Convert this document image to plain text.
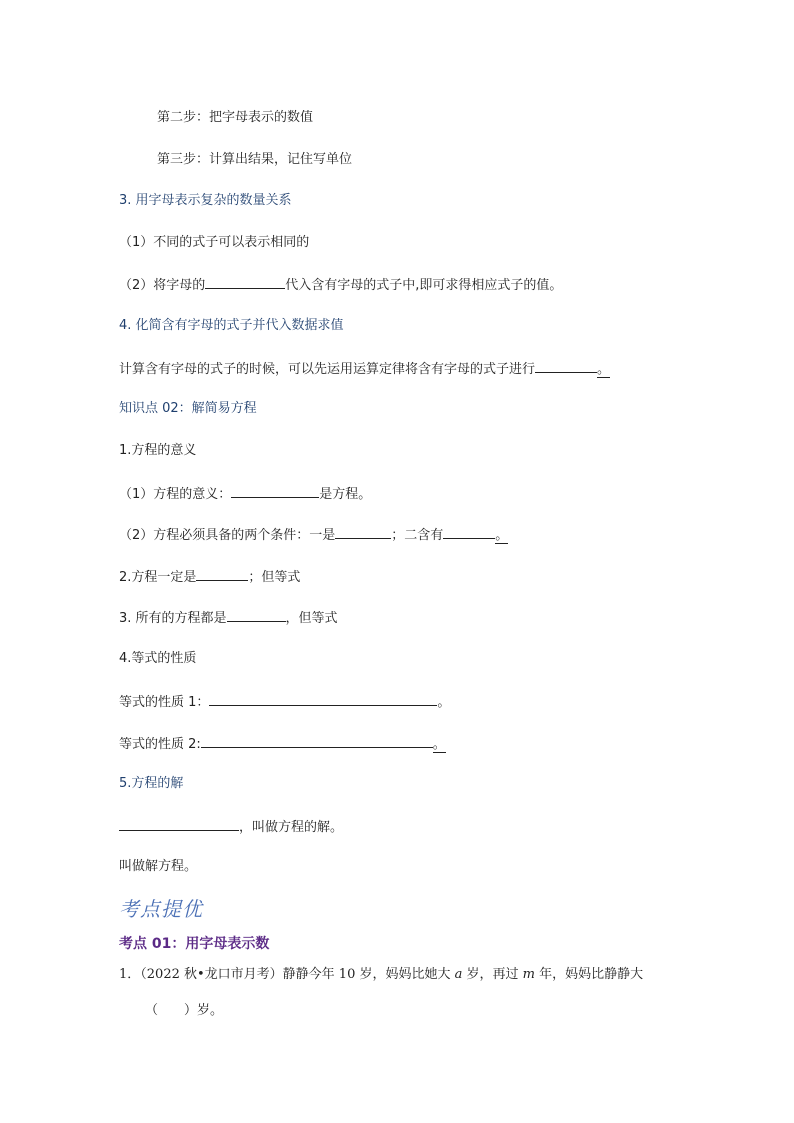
第二步：把字母表示的数值
第三步：计算出结果，记住写单位
3. 用字母表示复杂的数量关系
（1）不同的式子可以表示相同的
（2）将字母的	代入含有字母的式子中,即可求得相应式子的值。
4. 化简含有字母的式子并代入数据求值
计算含有字母的式子的时候，可以先运用运算定律将含有字母的式子进行	。
知识点 02：解简易方程
1.方程的意义
（1）方程的意义：	是方程。
（2）方程必须具备的两个条件：一是	；二含有	。
2.方程一定是	；但等式
3. 所有的方程都是	，但等式
4.等式的性质
等式的性质 1：	。
等式的性质 2:	。
5.方程的解
，叫做方程的解。
叫做解方程。
考点提优
考点 01：用字母表示数
1．（2022 秋•龙口市月考）静静今年 10 岁，妈妈比她大 a 岁，再过 m 年，妈妈比静静大
（　　）岁。
